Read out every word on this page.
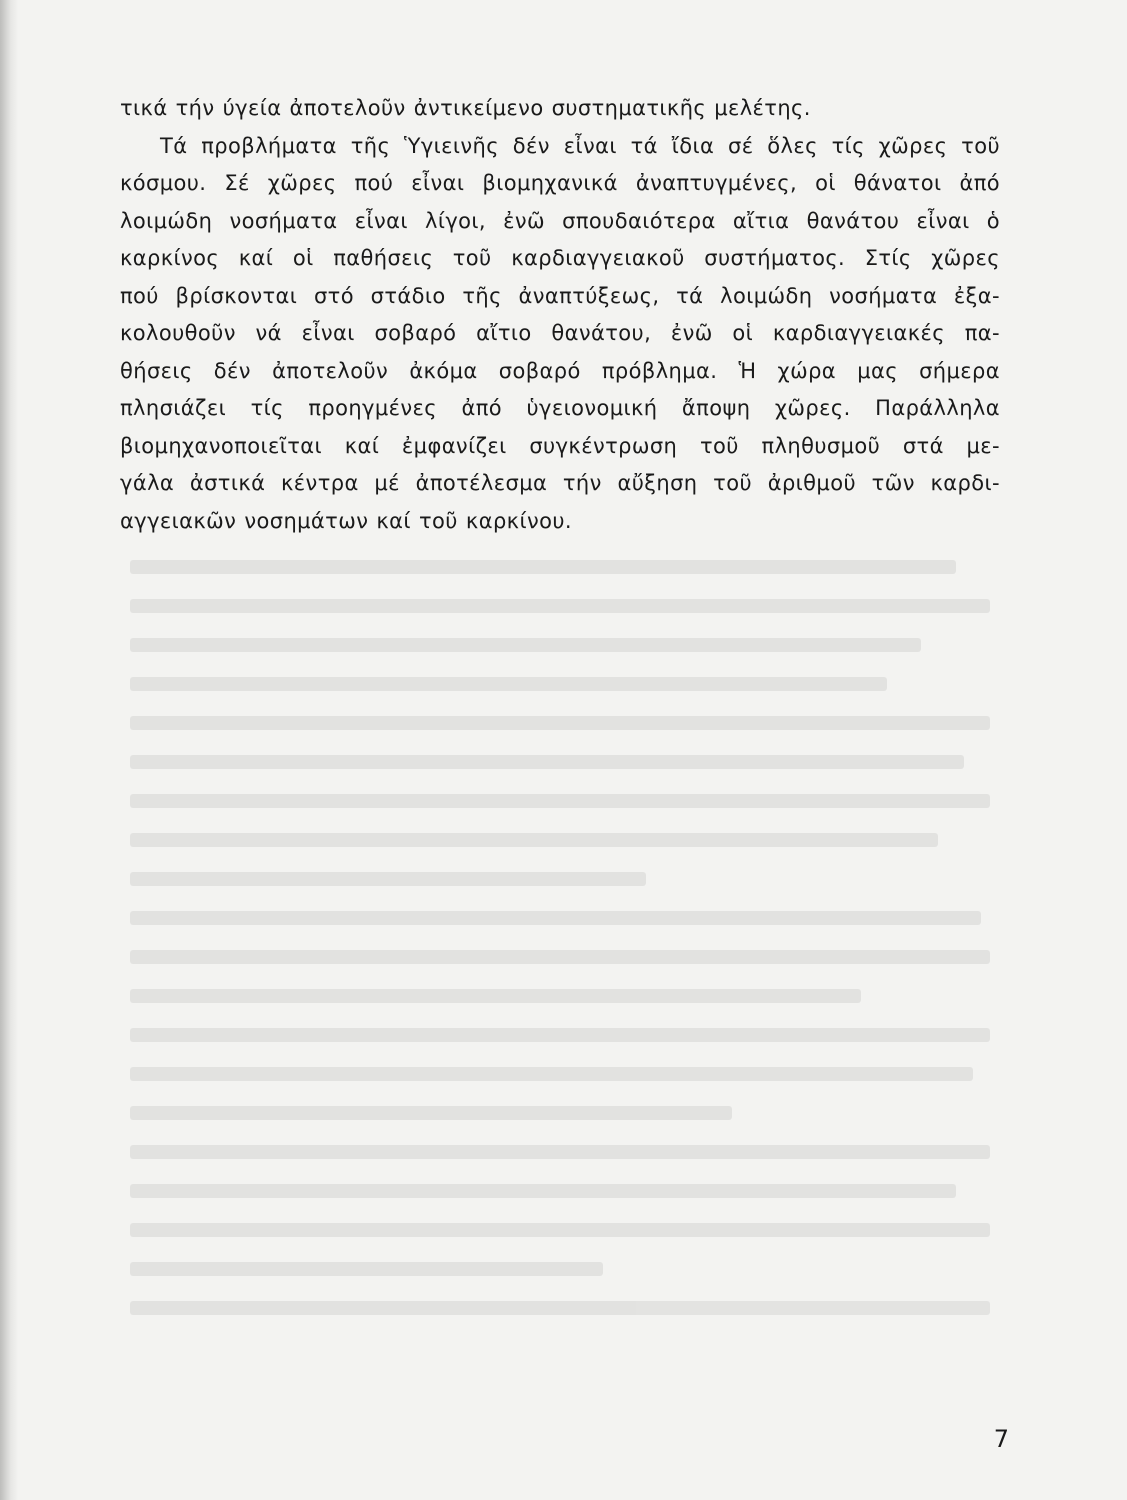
τικά τήν ύγεία ἀποτελοῦν ἀντικείμενο συστηματικῆς μελέτης.
Τά προβλήματα τῆς Ὑγιεινῆς δέν εἶναι τά ἴδια σέ ὅλες τίς χῶρες τοῦ
κόσμου. Σέ χῶρες πού εἶναι βιομηχανικά ἀναπτυγμένες, οἱ θάνατοι ἀπό
λοιμώδη νοσήματα εἶναι λίγοι, ἐνῶ σπουδαιότερα αἴτια θανάτου εἶναι ὁ
καρκίνος καί οἱ παθήσεις τοῦ καρδιαγγειακοῦ συστήματος. Στίς χῶρες
πού βρίσκονται στό στάδιο τῆς ἀναπτύξεως, τά λοιμώδη νοσήματα ἐξα-
κολουθοῦν νά εἶναι σοβαρό αἴτιο θανάτου, ἐνῶ οἱ καρδιαγγειακές πα-
θήσεις δέν ἀποτελοῦν ἀκόμα σοβαρό πρόβλημα. Ἡ χώρα μας σήμερα
πλησιάζει τίς προηγμένες ἀπό ὑγειονομική ἄποψη χῶρες. Παράλληλα
βιομηχανοποιεῖται καί ἐμφανίζει συγκέντρωση τοῦ πληθυσμοῦ στά με-
γάλα ἀστικά κέντρα μέ ἀποτέλεσμα τήν αὔξηση τοῦ ἀριθμοῦ τῶν καρδι-
αγγειακῶν νοσημάτων καί τοῦ καρκίνου.
7
